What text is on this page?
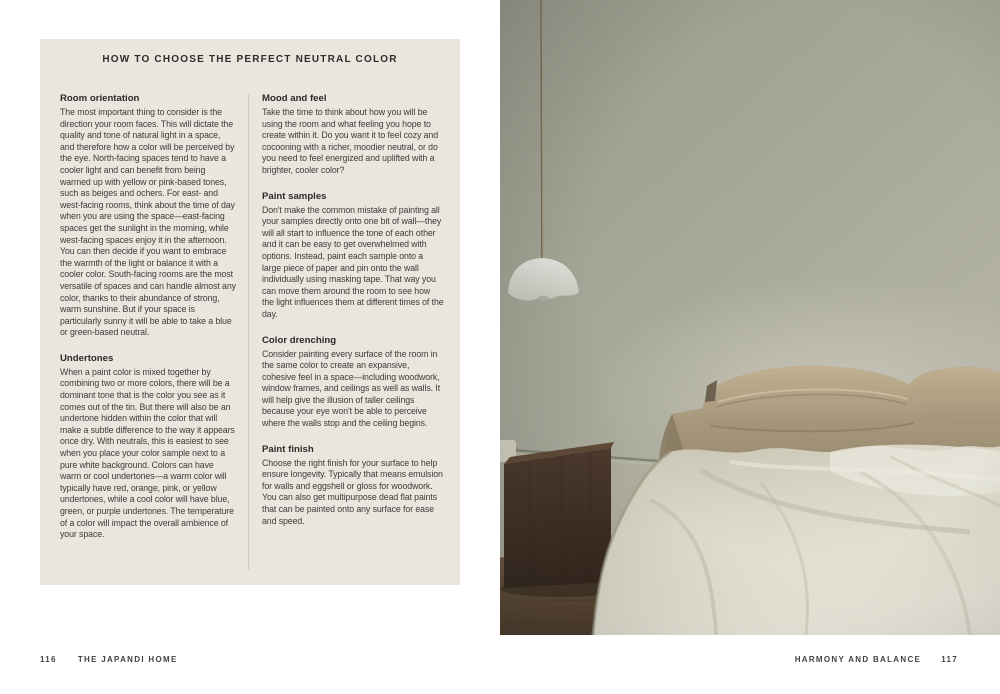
HOW TO CHOOSE THE PERFECT NEUTRAL COLOR
Room orientation

The most important thing to consider is the direction your room faces. This will dictate the quality and tone of natural light in a space, and therefore how a color will be perceived by the eye. North-facing spaces tend to have a cooler light and can benefit from being warmed up with yellow or pink-based tones, such as beiges and ochers. For east- and west-facing rooms, think about the time of day when you are using the space—east-facing spaces get the sunlight in the morning, while west-facing spaces enjoy it in the afternoon. You can then decide if you want to embrace the warmth of the light or balance it with a cooler color. South-facing rooms are the most versatile of spaces and can handle almost any color, thanks to their abundance of strong, warm sunshine. But if your space is particularly sunny it will be able to take a blue or green-based neutral.

Undertones

When a paint color is mixed together by combining two or more colors, there will be a dominant tone that is the color you see as it comes out of the tin. But there will also be an undertone hidden within the color that will make a subtle difference to the way it appears once dry. With neutrals, this is easiest to see when you place your color sample next to a pure white background. Colors can have warm or cool undertones—a warm color will typically have red, orange, pink, or yellow undertones, while a cool color will have blue, green, or purple undertones. The temperature of a color will impact the overall ambience of your space.

Mood and feel

Take the time to think about how you will be using the room and what feeling you hope to create within it. Do you want it to feel cozy and cocooning with a richer, moodier neutral, or do you need to feel energized and uplifted with a brighter, cooler color?

Paint samples

Don't make the common mistake of painting all your samples directly onto one bit of wall—they will all start to influence the tone of each other and it can be easy to get overwhelmed with options. Instead, paint each sample onto a large piece of paper and pin onto the wall individually using masking tape. That way you can move them around the room to see how the light influences them at different times of the day.

Color drenching

Consider painting every surface of the room in the same color to create an expansive, cohesive feel in a space—including woodwork, window frames, and ceilings as well as walls. It will help give the illusion of taller ceilings because your eye won't be able to perceive where the walls stop and the ceiling begins.

Paint finish

Choose the right finish for your surface to help ensure longevity. Typically that means emulsion for walls and eggshell or gloss for woodwork. You can also get multipurpose dead flat paints that can be painted onto any surface for ease and speed.

116	THE JAPANDI HOME	HARMONY AND BALANCE	117
